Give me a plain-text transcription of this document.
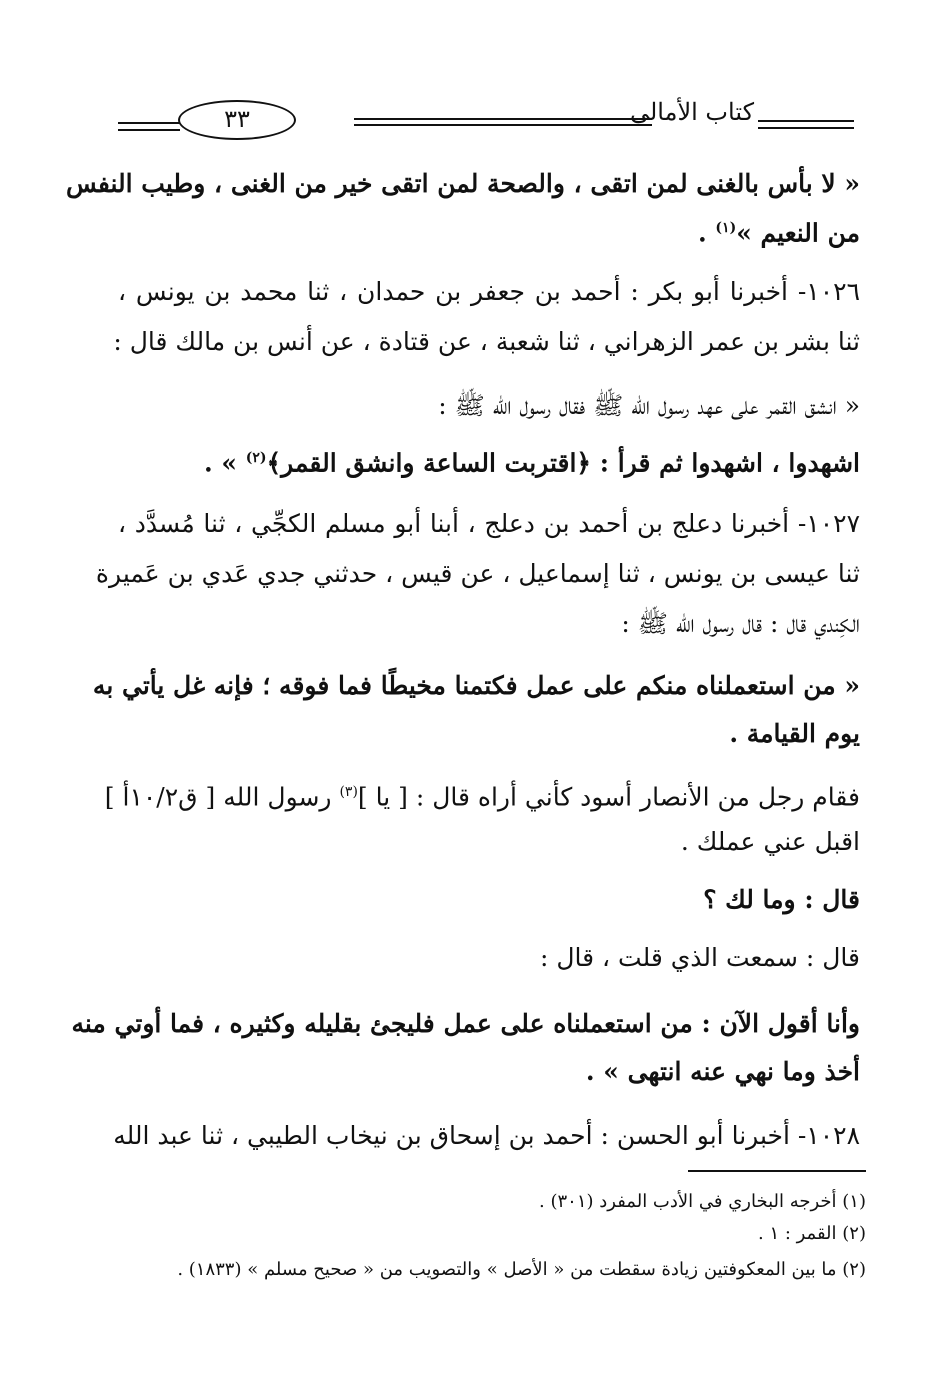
كتاب الأمالي
٣٣
« لا بأس بالغنى لمن اتقى ، والصحة لمن اتقى خير من الغنى ، وطيب النفس
من النعيم »$^{(١)}$ .
١٠٢٦- أخبرنا أبو بكر : أحمد بن جعفر بن حمدان ، ثنا محمد بن يونس ،
ثنا بشر بن عمر الزهراني ، ثنا شعبة ، عن قتادة ، عن أنس بن مالك قال :
« انشق القمر على عهد رسول الله ﷺ فقال رسول الله ﷺ :
اشهدوا ، اشهدوا ثم قرأ : ﴿اقتربت الساعة وانشق القمر﴾$^{(٢)}$ » .
١٠٢٧- أخبرنا دعلج بن أحمد بن دعلج ، أبنا أبو مسلم الكجِّي ، ثنا مُسدَّد ،
ثنا عيسى بن يونس ، ثنا إسماعيل ، عن قيس ، حدثني جدي عَدي بن عَميرة
الكِندي قال : قال رسول الله ﷺ :
« من استعملناه منكم على عمل فكتمنا مخيطًا فما فوقه ؛ فإنه غل يأتي به
يوم القيامة .
فقام رجل من الأنصار أسود كأني أراه قال : [ يا ]$^{(٣)}$ رسول الله [ ق١٠/٢أ ]
اقبل عني عملك .
قال : وما لك ؟
قال : سمعت الذي قلت ، قال :
وأنا أقول الآن : من استعملناه على عمل فليجئ بقليله وكثيره ، فما أوتي منه
أخذ وما نهي عنه انتهى » .
١٠٢٨- أخبرنا أبو الحسن : أحمد بن إسحاق بن نيخاب الطيبي ، ثنا عبد الله
(١) أخرجه البخاري في الأدب المفرد (٣٠١) .
(٢) القمر : ١ .
(٢) ما بين المعكوفتين زيادة سقطت من « الأصل » والتصويب من « صحيح مسلم » (١٨٣٣) .
